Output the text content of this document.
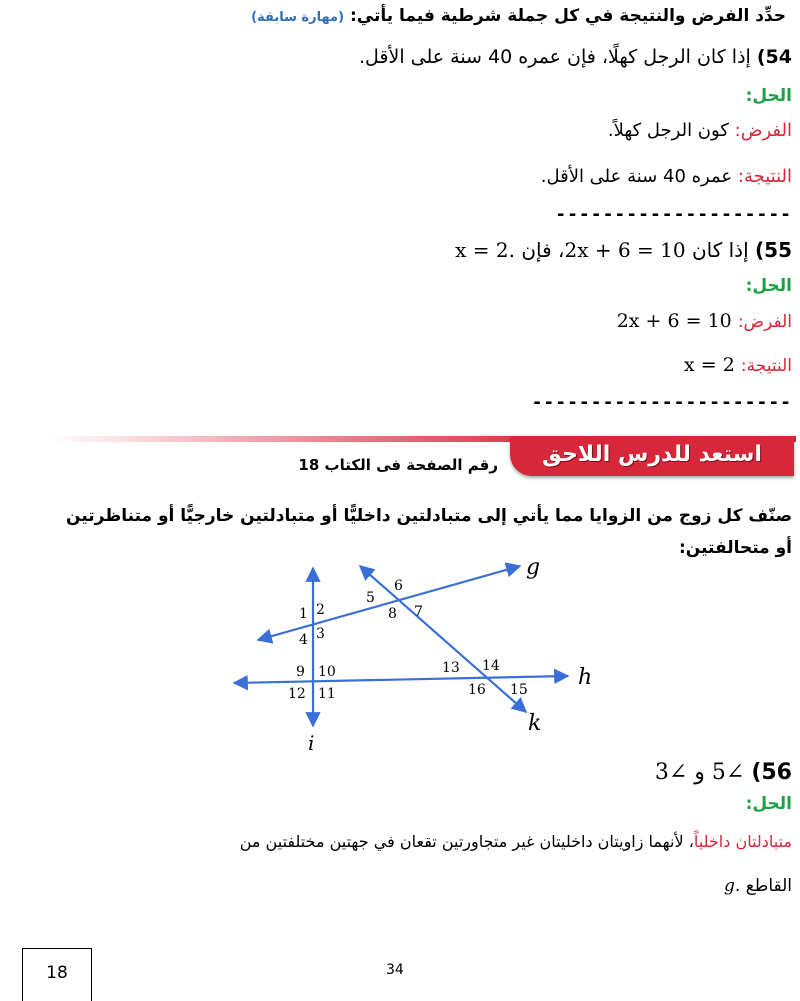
حدِّد الفرض والنتيجة في كل جملة شرطية فيما يأتي: (مهارة سابقة)
54) إذا كان الرجل كهلًا، فإن عمره 40 سنة على الأقل.
الحل:
الفرض: كون الرجل كهلاً.
النتيجة: عمره 40 سنة على الأقل.
--------------------
55) إذا كان 2x + 6 = 10، فإن x = 2.
الحل:
الفرض: 2x + 6 = 10
النتيجة: x = 2
----------------------
استعد للدرس اللاحق
رقم الصفحة فى الكتاب 18
صنّف كل زوج من الزوايا مما يأتي إلى متبادلتين داخليًّا أو متبادلتين خارجيًّا أو متناظرتين
أو متحالفتين:
g
h
k
i
1 2
3
4
5
6
7
8
9 10
11
12
13 14
15
16
56) ∠5 و ∠3
الحل:
متبادلتان داخلياً، لأنهما زاويتان داخليتان غير متجاورتين تقعان في جهتين مختلفتين من
القاطع g.
34
18
